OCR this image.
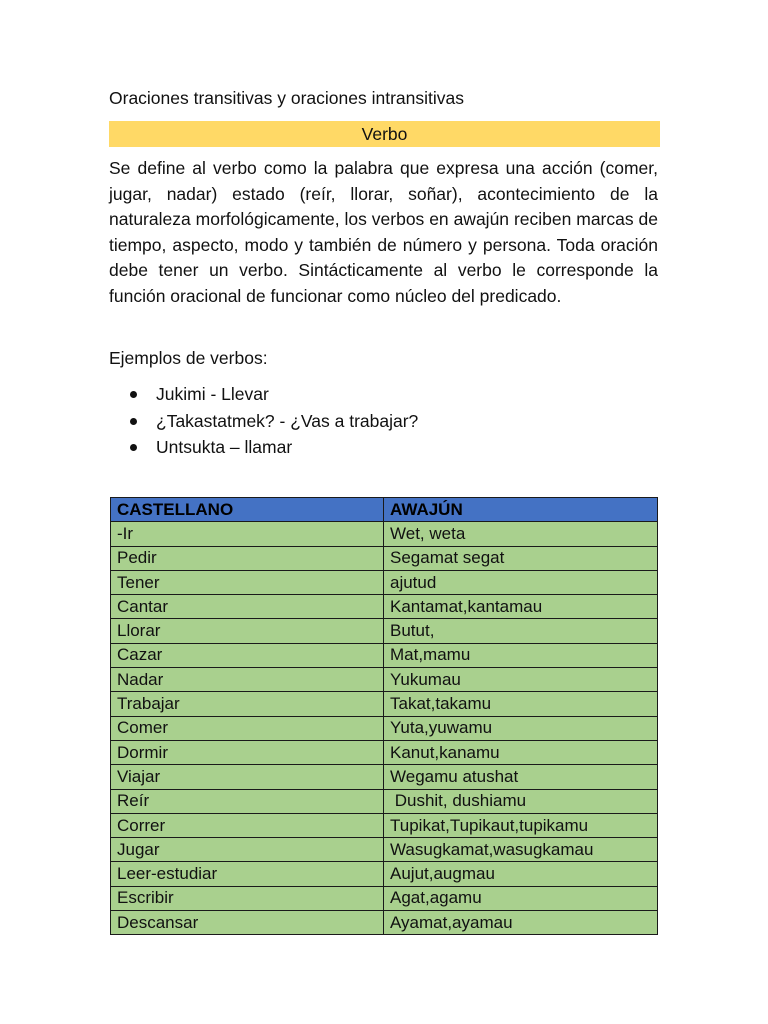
Oraciones transitivas y oraciones intransitivas
Verbo

Se define al verbo como la palabra que expresa una acción (comer, jugar, nadar) estado (reír, llorar, soñar), acontecimiento de la naturaleza morfológicamente, los verbos en awajún reciben marcas de tiempo, aspecto, modo y también de número y persona. Toda oración debe tener un verbo. Sintácticamente al verbo le corresponde la función oracional de funcionar como núcleo del predicado.

Ejemplos de verbos:
Jukimi - Llevar
¿Takastatmek? - ¿Vas a trabajar?
Untsukta – llamar
CASTELLANO	AWAJÚN
-Ir	Wet, weta
Pedir	Segamat segat
Tener	ajutud
Cantar	Kantamat,kantamau
Llorar	Butut,
Cazar	Mat,mamu
Nadar	Yukumau
Trabajar	Takat,takamu
Comer	Yuta,yuwamu
Dormir	Kanut,kanamu
Viajar	Wegamu atushat
Reír	Dushit, dushiamu
Correr	Tupikat,Tupikaut,tupikamu
Jugar	Wasugkamat,wasugkamau
Leer-estudiar	Aujut,augmau
Escribir	Agat,agamu
Descansar	Ayamat,ayamau
